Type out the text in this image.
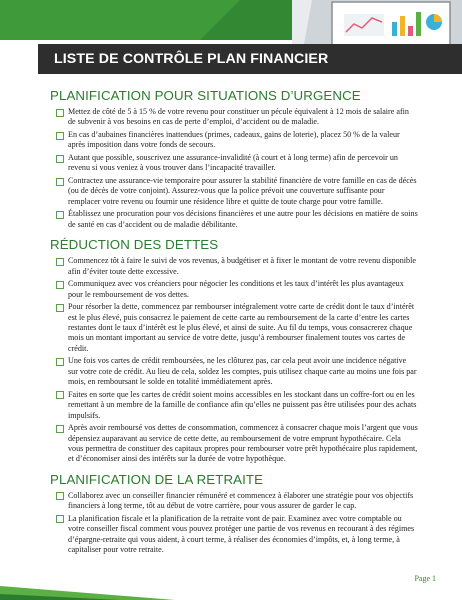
LISTE DE CONTRÔLE PLAN FINANCIER
PLANIFICATION POUR SITUATIONS D’URGENCE
Mettez de côté de 5 à 15 % de votre revenu pour constituer un pécule équivalent à 12 mois de salaire afin de subvenir à vos besoins en cas de perte d’emploi, d’accident ou de maladie.
En cas d’aubaines financières inattendues (primes, cadeaux, gains de loterie), placez 50 % de la valeur après imposition dans votre fonds de secours.
Autant que possible, souscrivez une assurance-invalidité (à court et à long terme) afin de percevoir un revenu si vous veniez à vous trouver dans l’incapacité travailler.
Contractez une assurance-vie temporaire pour assurer la stabilité financière de votre famille en cas de décès (ou de décès de votre conjoint). Assurez-vous que la police prévoit une couverture suffisante pour remplacer votre revenu ou fournir une résidence libre et quitte de toute charge pour votre famille.
Établissez une procuration pour vos décisions financières et une autre pour les décisions en matière de soins de santé en cas d’accident ou de maladie débilitante.
RÉDUCTION DES DETTES
Commencez tôt à faire le suivi de vos revenus, à budgétiser et à fixer le montant de votre revenu disponible afin d’éviter toute dette excessive.
Communiquez avec vos créanciers pour négocier les conditions et les taux d’intérêt les plus avantageux pour le remboursement de vos dettes.
Pour résorber la dette, commencez par rembourser intégralement votre carte de crédit dont le taux d’intérêt est le plus élevé, puis consacrez le paiement de cette carte au remboursement de la carte d’entre les cartes restantes dont le taux d’intérêt est le plus élevé, et ainsi de suite. Au fil du temps, vous consacrerez chaque mois un montant important au service de votre dette, jusqu’à rembourser finalement toutes vos cartes de crédit.
Une fois vos cartes de crédit remboursées, ne les clôturez pas, car cela peut avoir une incidence négative sur votre cote de crédit. Au lieu de cela, soldez les comptes, puis utilisez chaque carte au moins une fois par mois, en remboursant le solde en totalité immédiatement après.
Faites en sorte que les cartes de crédit soient moins accessibles en les stockant dans un coffre-fort ou en les remettant à un membre de la famille de confiance afin qu’elles ne puissent pas être utilisées pour des achats impulsifs.
Après avoir remboursé vos dettes de consommation, commencez à consacrer chaque mois l’argent que vous dépensiez auparavant au service de cette dette, au remboursement de votre emprunt hypothécaire. Cela vous permettra de constituer des capitaux propres pour rembourser votre prêt hypothécaire plus rapidement, et d’économiser ainsi des intérêts sur la durée de votre hypothèque.
PLANIFICATION DE LA RETRAITE
Collaborez avec un conseiller financier rémunéré et commencez à élaborer une stratégie pour vos objectifs financiers à long terme, tôt au début de votre carrière, pour vous assurer de garder le cap.
La planification fiscale et la planification de la retraite vont de pair. Examinez avec votre comptable ou votre conseiller fiscal comment vous pouvez protéger une partie de vos revenus en recourant à des régimes d’épargne-retraite qui vous aident, à court terme, à réaliser des économies d’impôts, et, à long terme, à capitaliser pour votre retraite.
Page 1
